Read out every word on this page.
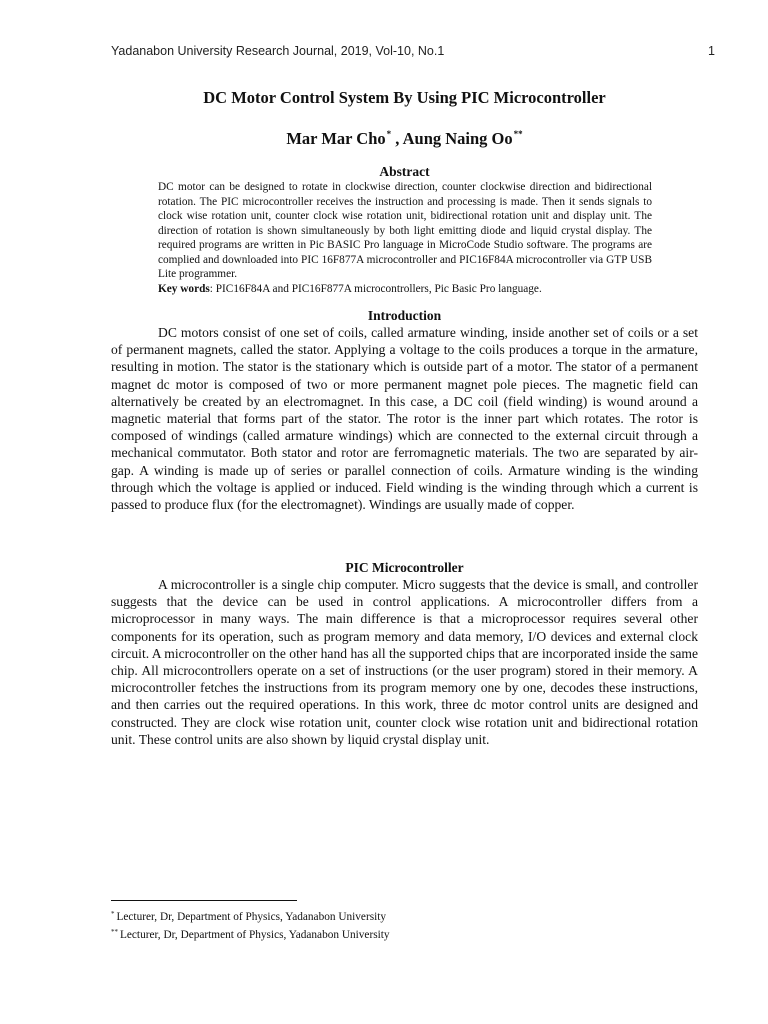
Yadanabon University Research Journal, 2019, Vol-10, No.1	1
DC Motor Control System By Using PIC Microcontroller
Mar Mar Cho* , Aung Naing Oo**
Abstract

DC motor can be designed to rotate in clockwise direction, counter clockwise direction and bidirectional rotation. The PIC microcontroller receives the instruction and processing is made. Then it sends signals to clock wise rotation unit, counter clock wise rotation unit, bidirectional rotation unit and display unit. The direction of rotation is shown simultaneously by both light emitting diode and liquid crystal display. The required programs are written in Pic BASIC Pro language in MicroCode Studio software. The programs are complied and downloaded into PIC 16F877A microcontroller and PIC16F84A microcontroller via GTP USB Lite programmer.

Key words: PIC16F84A and PIC16F877A microcontrollers, Pic Basic Pro language.

Introduction

DC motors consist of one set of coils, called armature winding, inside another set of coils or a set of permanent magnets, called the stator. Applying a voltage to the coils produces a torque in the armature, resulting in motion. The stator is the stationary which is outside part of a motor. The stator of a permanent magnet dc motor is composed of two or more permanent magnet pole pieces. The magnetic field can alternatively be created by an electromagnet. In this case, a DC coil (field winding) is wound around a magnetic material that forms part of the stator. The rotor is the inner part which rotates. The rotor is composed of windings (called armature windings) which are connected to the external circuit through a mechanical commutator. Both stator and rotor are ferromagnetic materials. The two are separated by air-gap. A winding is made up of series or parallel connection of coils. Armature winding is the winding through which the voltage is applied or induced. Field winding is the winding through which a current is passed to produce flux (for the electromagnet). Windings are usually made of copper.

PIC Microcontroller

A microcontroller is a single chip computer. Micro suggests that the device is small, and controller suggests that the device can be used in control applications. A microcontroller differs from a microprocessor in many ways. The main difference is that a microprocessor requires several other components for its operation, such as program memory and data memory, I/O devices and external clock circuit. A microcontroller on the other hand has all the supported chips that are incorporated inside the same chip. All microcontrollers operate on a set of instructions (or the user program) stored in their memory. A microcontroller fetches the instructions from its program memory one by one, decodes these instructions, and then carries out the required operations. In this work, three dc motor control units are designed and constructed. They are clock wise rotation unit, counter clock wise rotation unit and bidirectional rotation unit. These control units are also shown by liquid crystal display unit.

* Lecturer, Dr, Department of Physics, Yadanabon University
** Lecturer, Dr, Department of Physics, Yadanabon University
